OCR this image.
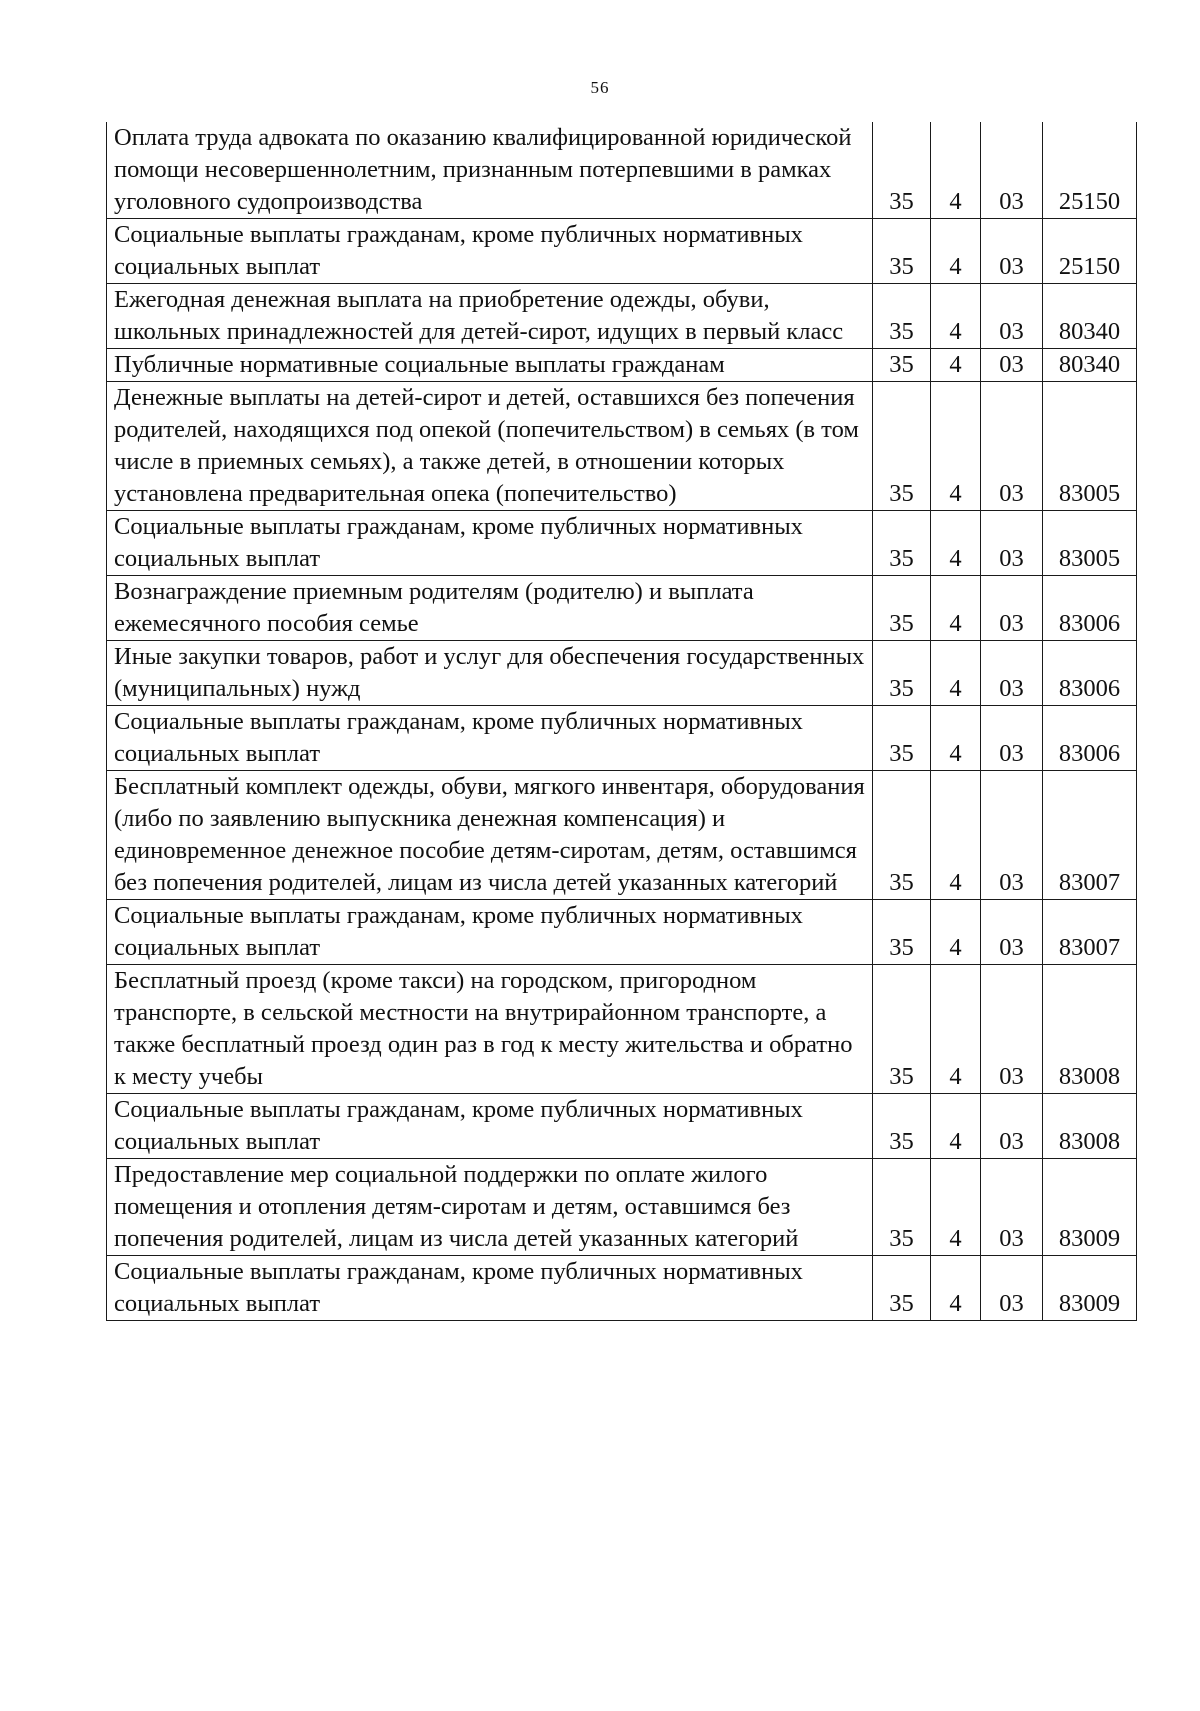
56
Оплата труда адвоката по оказанию квалифицированной юридической помощи несовершеннолетним, признанным потерпевшими в рамках уголовного судопроизводства	35	4	03	25150
Социальные выплаты гражданам, кроме публичных нормативных социальных выплат	35	4	03	25150
Ежегодная денежная выплата на приобретение одежды, обуви, школьных принадлежностей для детей-сирот, идущих в первый класс	35	4	03	80340
Публичные нормативные социальные выплаты гражданам	35	4	03	80340
Денежные выплаты на детей-сирот и детей, оставшихся без попечения родителей, находящихся под опекой (попечительством) в семьях (в том числе в приемных семьях), а также детей, в отношении которых установлена предварительная опека (попечительство)	35	4	03	83005
Социальные выплаты гражданам, кроме публичных нормативных социальных выплат	35	4	03	83005
Вознаграждение приемным родителям (родителю) и выплата ежемесячного пособия семье	35	4	03	83006
Иные закупки товаров, работ и услуг для обеспечения государственных (муниципальных) нужд	35	4	03	83006
Социальные выплаты гражданам, кроме публичных нормативных социальных выплат	35	4	03	83006
Бесплатный комплект одежды, обуви, мягкого инвентаря, оборудования (либо по заявлению выпускника денежная компенсация) и единовременное денежное пособие детям-сиротам, детям, оставшимся без попечения родителей, лицам из числа детей указанных категорий	35	4	03	83007
Социальные выплаты гражданам, кроме публичных нормативных социальных выплат	35	4	03	83007
Бесплатный проезд (кроме такси) на городском, пригородном транспорте, в сельской местности на внутрирайонном транспорте, а также бесплатный проезд один раз в год к месту жительства и обратно к месту учебы	35	4	03	83008
Социальные выплаты гражданам, кроме публичных нормативных социальных выплат	35	4	03	83008
Предоставление мер социальной поддержки по оплате жилого помещения и отопления детям-сиротам и детям, оставшимся без попечения родителей, лицам из числа детей указанных категорий	35	4	03	83009
Социальные выплаты гражданам, кроме публичных нормативных социальных выплат	35	4	03	83009
